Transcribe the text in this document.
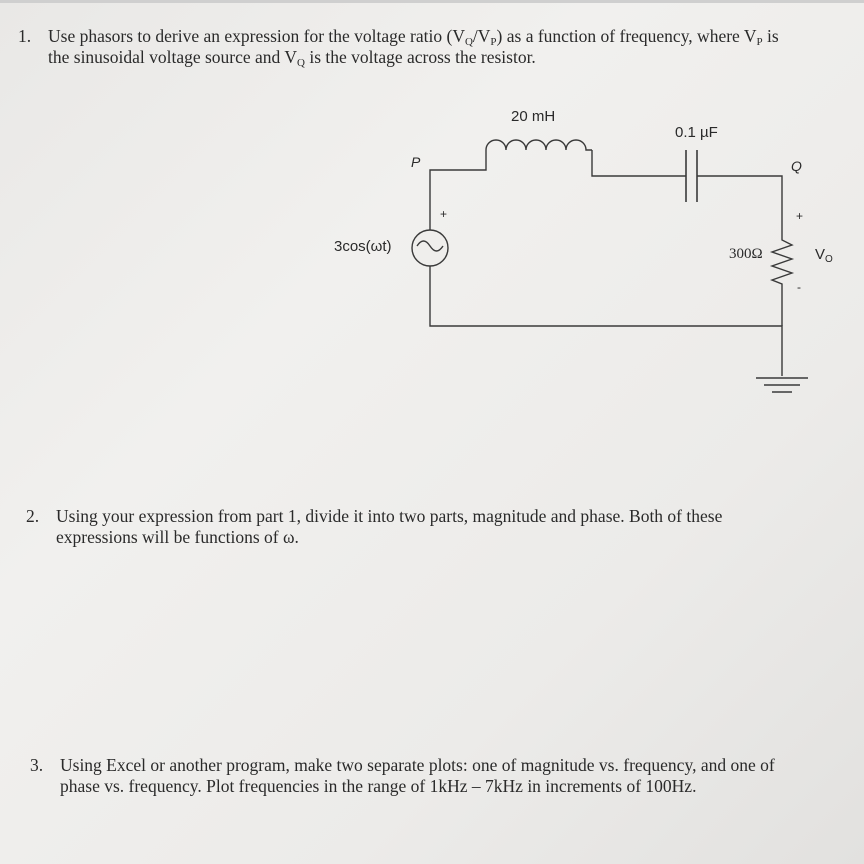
1. Use phasors to derive an expression for the voltage ratio $(V_Q/V_P)$ as a function of frequency, where $V_P$ is
the sinusoidal voltage source and $V_Q$ is the voltage across the resistor.
20 mH
0.1 µF
P	Q
3cos(ωt)
+
300Ω
+
-
$V_O$
2. Using your expression from part 1, divide it into two parts, magnitude and phase. Both of these
expressions will be functions of ω.
3. Using Excel or another program, make two separate plots: one of magnitude vs. frequency, and one of
phase vs. frequency. Plot frequencies in the range of 1kHz – 7kHz in increments of 100Hz.
